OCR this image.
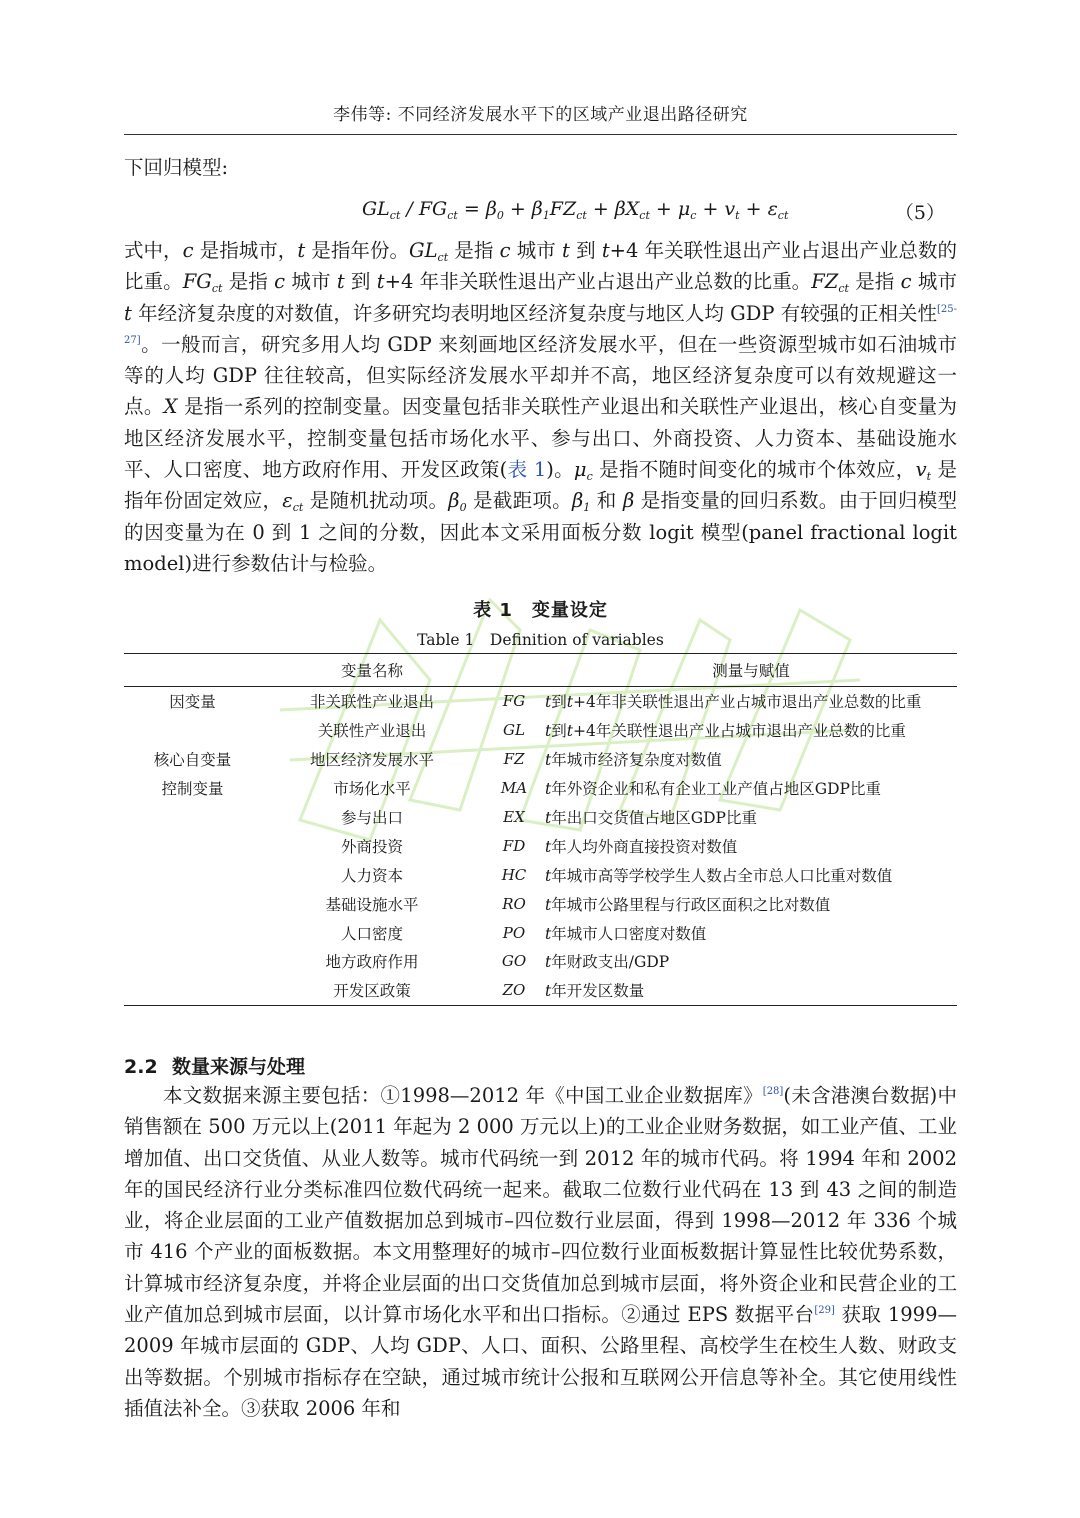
李伟等: 不同经济发展水平下的区域产业退出路径研究
下回归模型:
$GL_{ct} / FG_{ct} = \beta_0 + \beta_1FZ_{ct} + \beta X_{ct} + \mu_c + v_t + \varepsilon_{ct}$	（5）
式中，c 是指城市，t 是指年份。$GL_{ct}$ 是指 c 城市 t 到 t+4 年关联性退出产业占退出产业总数的比重。$FG_{ct}$ 是指 c 城市 t 到 t+4 年非关联性退出产业占退出产业总数的比重。$FZ_{ct}$ 是指 c 城市 t 年经济复杂度的对数值，许多研究均表明地区经济复杂度与地区人均 GDP 有较强的正相关性[25-27]。一般而言，研究多用人均 GDP 来刻画地区经济发展水平，但在一些资源型城市如石油城市等的人均 GDP 往往较高，但实际经济发展水平却并不高，地区经济复杂度可以有效规避这一点。X 是指一系列的控制变量。因变量包括非关联性产业退出和关联性产业退出，核心自变量为地区经济发展水平，控制变量包括市场化水平、参与出口、外商投资、人力资本、基础设施水平、人口密度、地方政府作用、开发区政策(表 1)。$\mu_c$ 是指不随时间变化的城市个体效应，$v_t$ 是指年份固定效应，$\varepsilon_{ct}$ 是随机扰动项。$\beta_0$ 是截距项。$\beta_1$ 和 β 是指变量的回归系数。由于回归模型的因变量为在 0 到 1 之间的分数，因此本文采用面板分数 logit 模型(panel fractional logit model)进行参数估计与检验。
表 1　变量设定
Table 1　Definition of variables
	变量名称		测量与赋值
因变量	非关联性产业退出	FG	t到t+4年非关联性退出产业占城市退出产业总数的比重
	关联性产业退出	GL	t到t+4年关联性退出产业占城市退出产业总数的比重
核心自变量	地区经济发展水平	FZ	t年城市经济复杂度对数值
控制变量	市场化水平	MA	t年外资企业和私有企业工业产值占地区GDP比重
	参与出口	EX	t年出口交货值占地区GDP比重
	外商投资	FD	t年人均外商直接投资对数值
	人力资本	HC	t年城市高等学校学生人数占全市总人口比重对数值
	基础设施水平	RO	t年城市公路里程与行政区面积之比对数值
	人口密度	PO	t年城市人口密度对数值
	地方政府作用	GO	t年财政支出/GDP
	开发区政策	ZO	t年开发区数量
2.2 数量来源与处理
本文数据来源主要包括：①1998—2012 年《中国工业企业数据库》[28](未含港澳台数据)中销售额在 500 万元以上(2011 年起为 2 000 万元以上)的工业企业财务数据，如工业产值、工业增加值、出口交货值、从业人数等。城市代码统一到 2012 年的城市代码。将 1994 年和 2002 年的国民经济行业分类标准四位数代码统一起来。截取二位数行业代码在 13 到 43 之间的制造业，将企业层面的工业产值数据加总到城市–四位数行业层面，得到 1998—2012 年 336 个城市 416 个产业的面板数据。本文用整理好的城市–四位数行业面板数据计算显性比较优势系数，计算城市经济复杂度，并将企业层面的出口交货值加总到城市层面，将外资企业和民营企业的工业产值加总到城市层面，以计算市场化水平和出口指标。②通过 EPS 数据平台[29] 获取 1999—2009 年城市层面的 GDP、人均 GDP、人口、面积、公路里程、高校学生在校生人数、财政支出等数据。个别城市指标存在空缺，通过城市统计公报和互联网公开信息等补全。其它使用线性插值法补全。③获取 2006 年和
